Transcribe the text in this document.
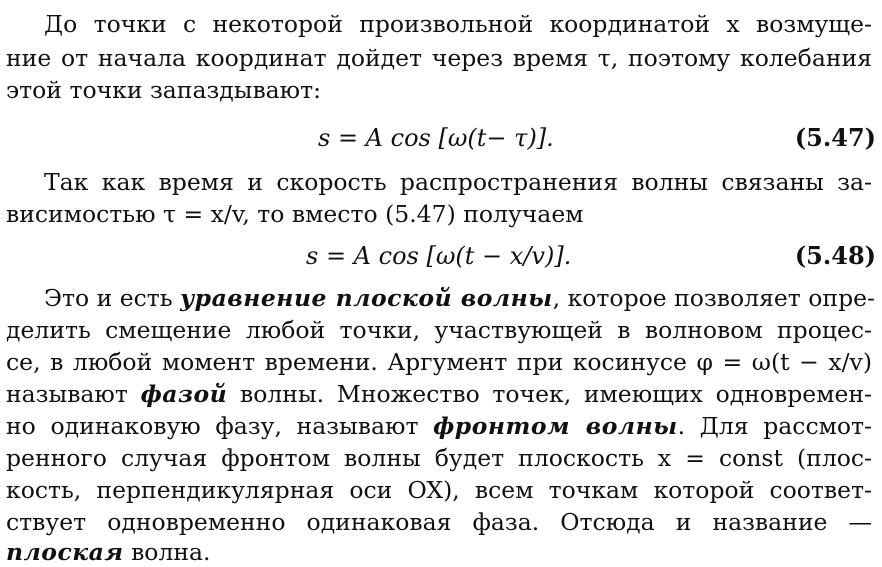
До точки с некоторой произвольной координатой x возмуще-
ние от начала координат дойдет через время τ, поэтому колебания
этой точки запаздывают:
s = A cos [ω(t− τ)].	(5.47)
Так как время и скорость распространения волны связаны за-
висимостью τ = x/v, то вместо (5.47) получаем
s = A cos [ω(t − x/v)].	(5.48)
Это и есть уравнение плоской волны, которое позволяет опре-
делить смещение любой точки, участвующей в волновом процес-
се, в любой момент времени. Аргумент при косинусе φ = ω(t − x/v)
называют фазой волны. Множество точек, имеющих одновремен-
но одинаковую фазу, называют фронтом волны. Для рассмот-
ренного случая фронтом волны будет плоскость x = const (плос-
кость, перпендикулярная оси OX), всем точкам которой соответ-
ствует одновременно одинаковая фаза. Отсюда и название —
плоская волна.
